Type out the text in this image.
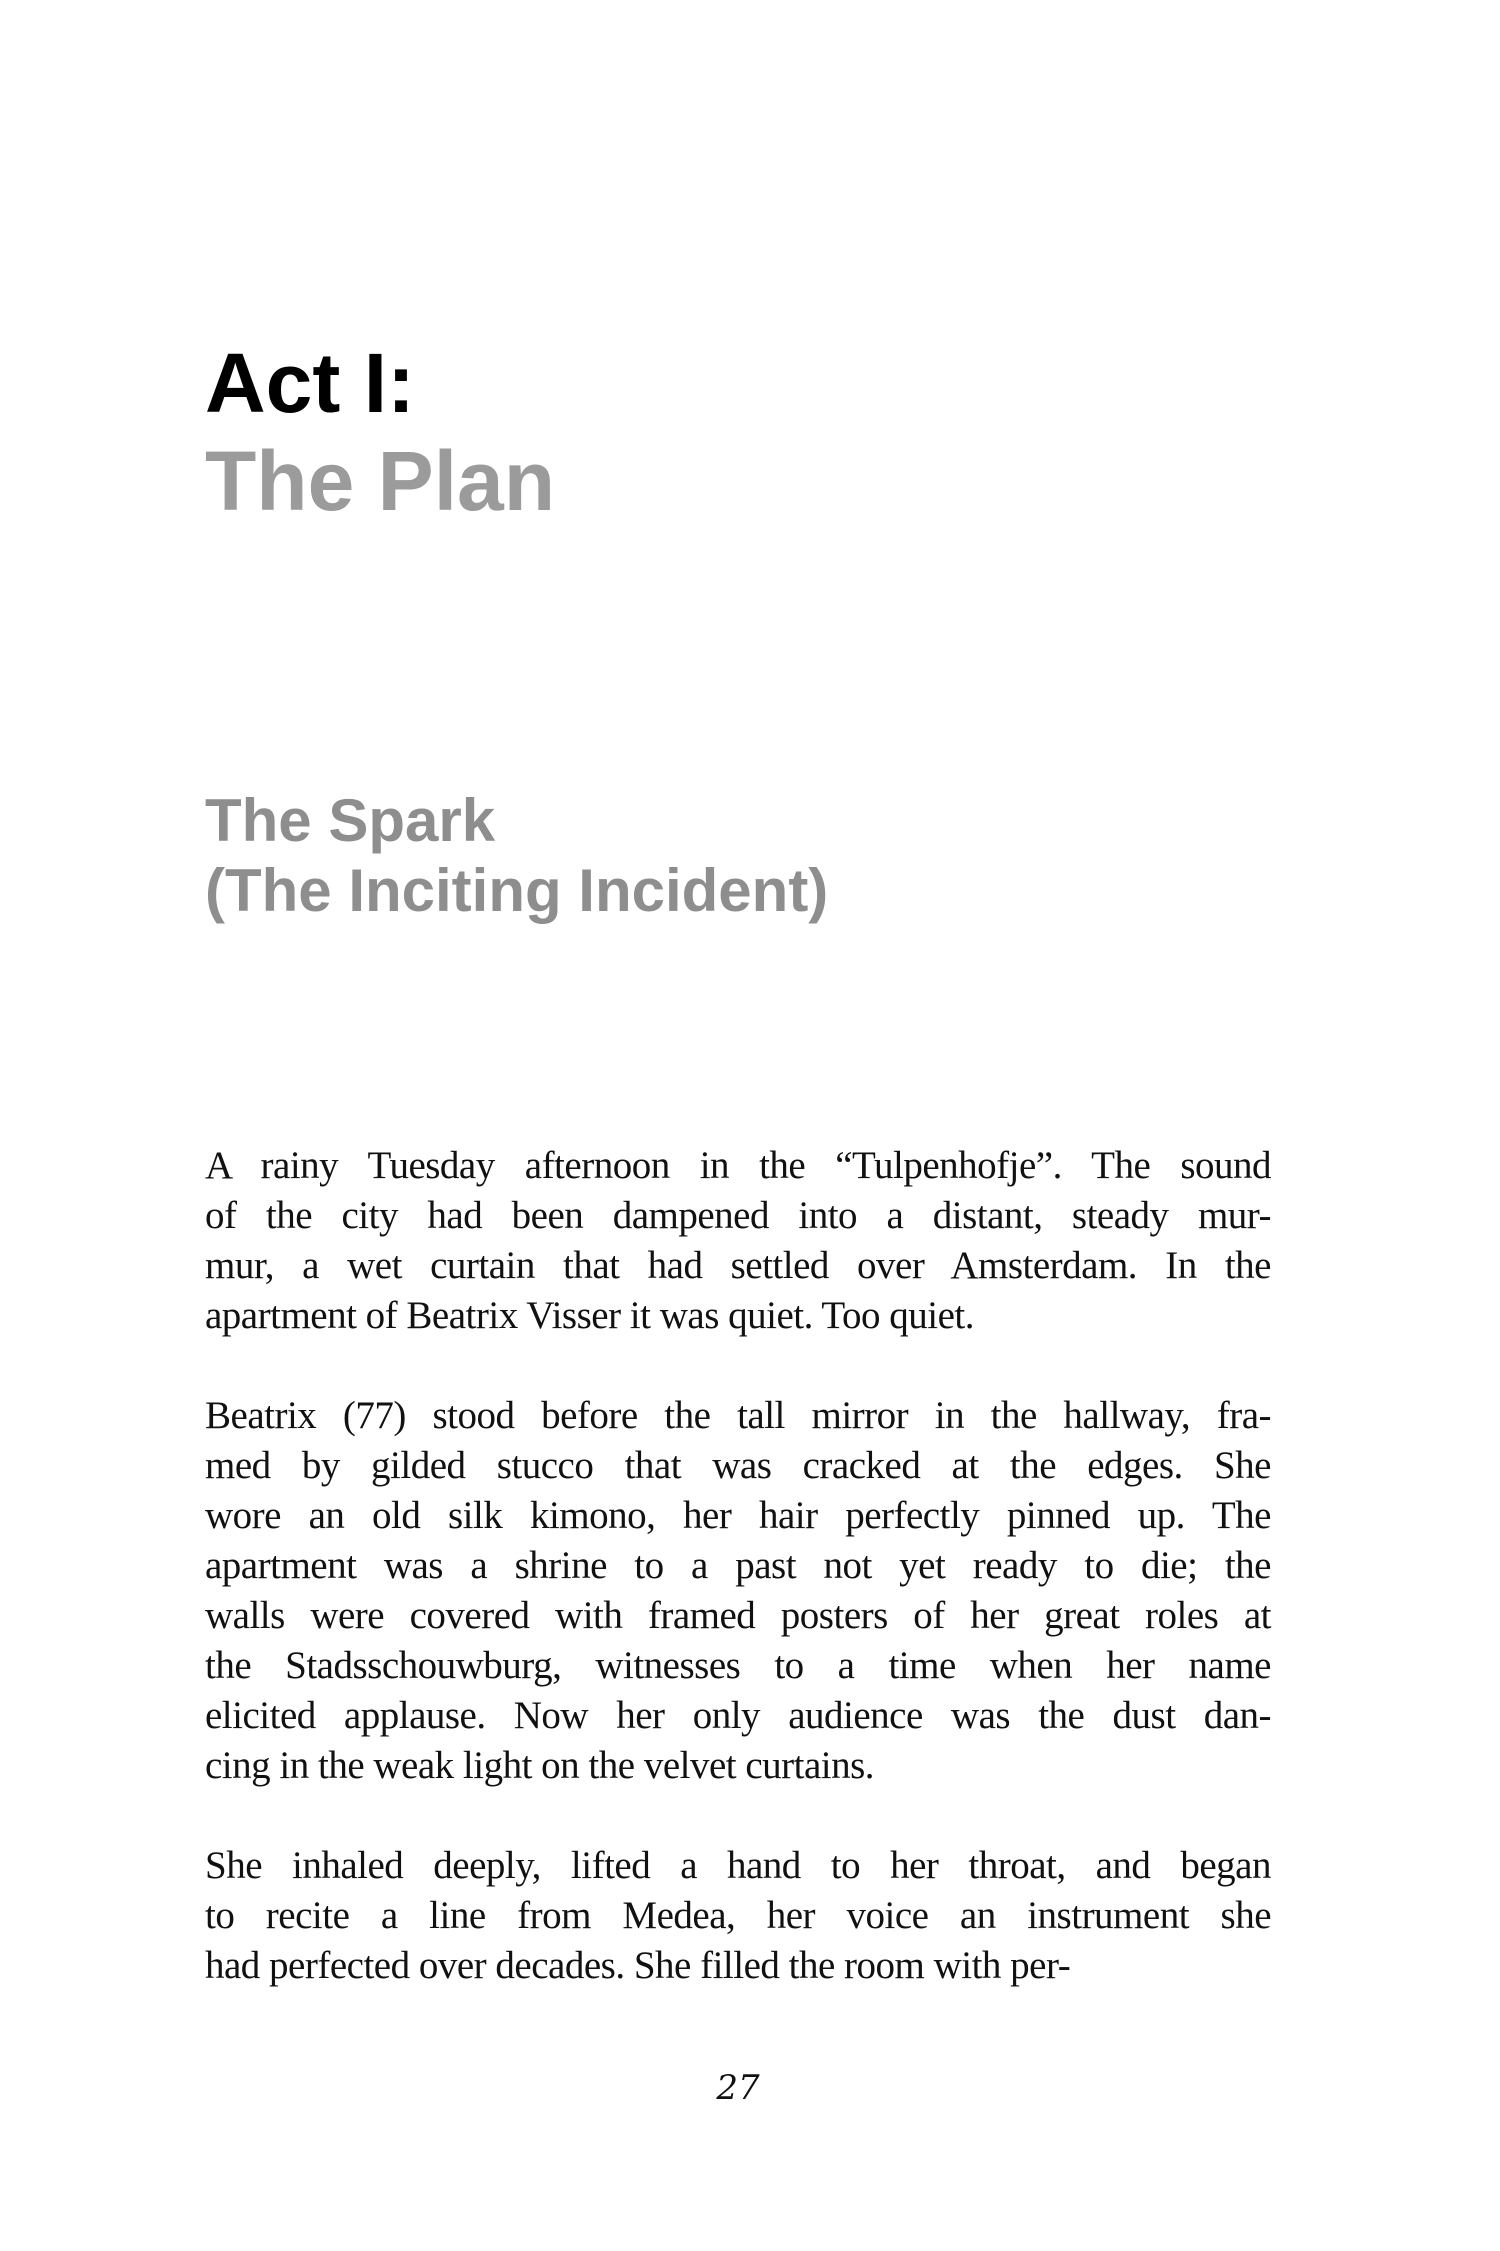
Act I:
The Plan
The Spark
(The Inciting Incident)

A rainy Tuesday afternoon in the “Tulpenhofje”. The sound
of the city had been dampened into a distant, steady mur-
mur, a wet curtain that had settled over Amsterdam. In the
apartment of Beatrix Visser it was quiet. Too quiet.

Beatrix (77) stood before the tall mirror in the hallway, fra-
med by gilded stucco that was cracked at the edges. She
wore an old silk kimono, her hair perfectly pinned up. The
apartment was a shrine to a past not yet ready to die; the
walls were covered with framed posters of her great roles at
the Stadsschouwburg, witnesses to a time when her name
elicited applause. Now her only audience was the dust dan-
cing in the weak light on the velvet curtains.

She inhaled deeply, lifted a hand to her throat, and began
to recite a line from Medea, her voice an instrument she
had perfected over decades. She filled the room with per-

27
